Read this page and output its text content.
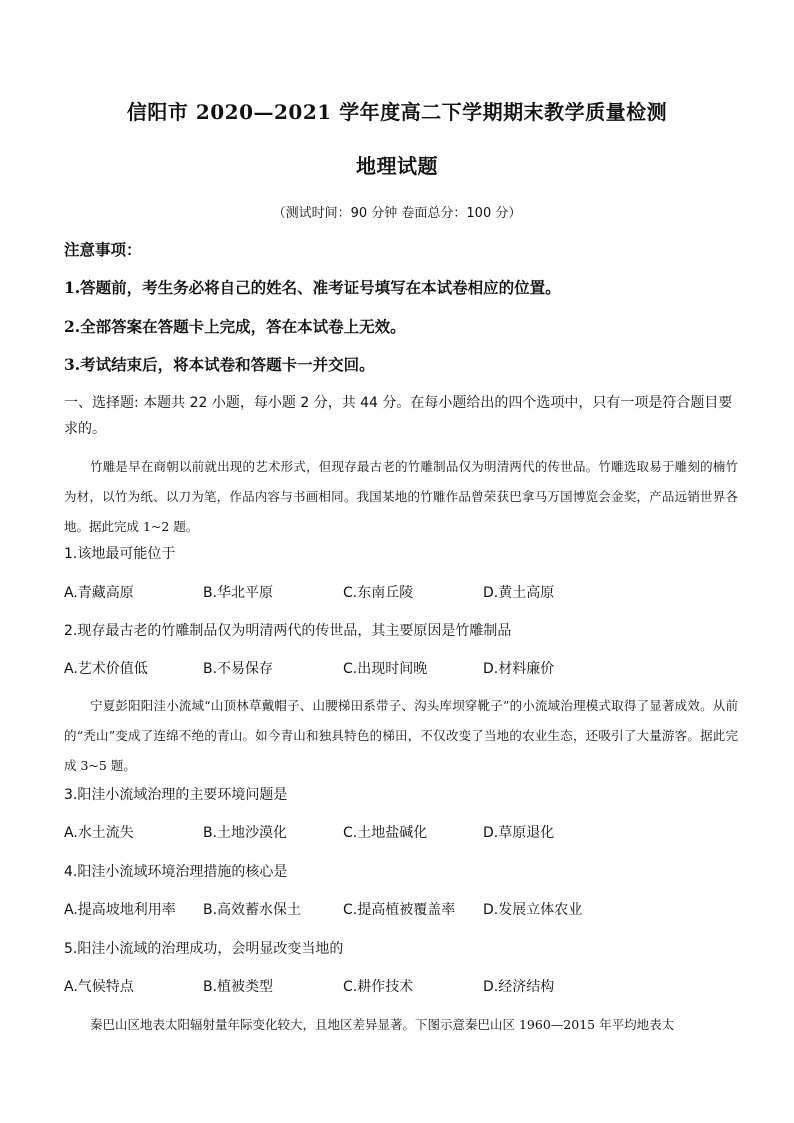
信阳市 2020—2021 学年度高二下学期期末教学质量检测
地理试题
（测试时间：90 分钟 卷面总分：100 分）
注意事项：
1.答题前，考生务必将自己的姓名、准考证号填写在本试卷相应的位置。
2.全部答案在答题卡上完成，答在本试卷上无效。
3.考试结束后，将本试卷和答题卡一并交回。
一、选择题: 本题共 22 小题，每小题 2 分，共 44 分。在每小题给出的四个选项中，只有一项是符合题目要求的。
竹雕是早在商朝以前就出现的艺术形式，但现存最古老的竹雕制品仅为明清两代的传世品。竹雕选取易于雕刻的楠竹为材，以竹为纸、以刀为笔，作品内容与书画相同。我国某地的竹雕作品曾荣获巴拿马万国博览会金奖，产品远销世界各地。据此完成 1~2 题。
1.该地最可能位于
A.青藏高原	B.华北平原	C.东南丘陵	D.黄土高原
2.现存最古老的竹雕制品仅为明清两代的传世品，其主要原因是竹雕制品
A.艺术价值低	B.不易保存	C.出现时间晚	D.材料廉价
宁夏彭阳阳洼小流域“山顶林草戴帽子、山腰梯田系带子、沟头库坝穿靴子”的小流域治理模式取得了显著成效。从前的“秃山”变成了连绵不绝的青山。如今青山和独具特色的梯田，不仅改变了当地的农业生态，还吸引了大量游客。据此完成 3~5 题。
3.阳洼小流域治理的主要环境问题是
A.水土流失	B.土地沙漠化	C.土地盐碱化	D.草原退化
4.阳洼小流域环境治理措施的核心是
A.提高坡地利用率 B.高效蓄水保土	C.提高植被覆盖率 D.发展立体农业
5.阳洼小流域的治理成功，会明显改变当地的
A.气候特点	B.植被类型	C.耕作技术	D.经济结构
秦巴山区地表太阳辐射量年际变化较大，且地区差异显著。下图示意秦巴山区 1960—2015 年平均地表太
